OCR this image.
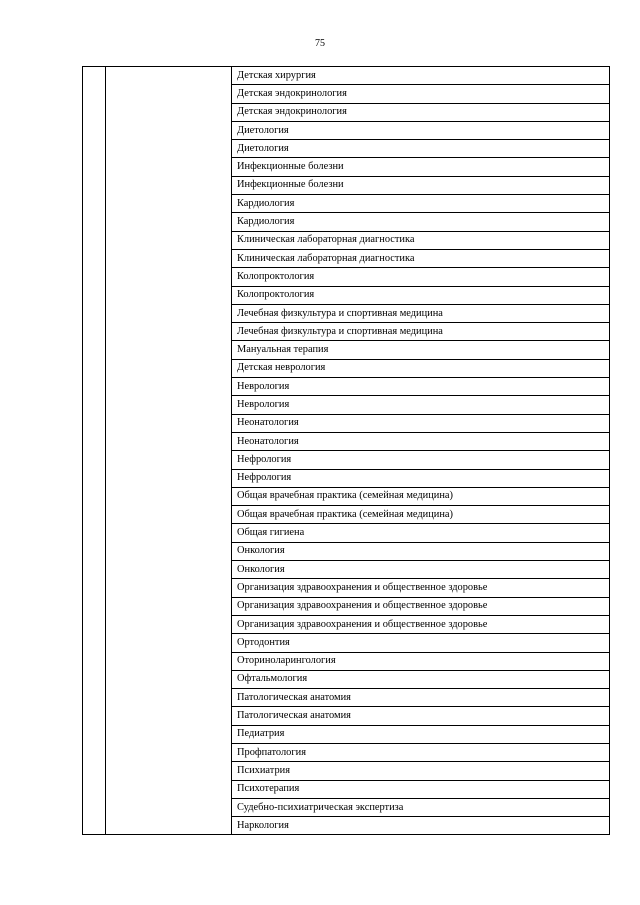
75
		Детская хирургия
Детская эндокринология
Детская эндокринология
Диетология
Диетология
Инфекционные болезни
Инфекционные болезни
Кардиология
Кардиология
Клиническая лабораторная диагностика
Клиническая лабораторная диагностика
Колопроктология
Колопроктология
Лечебная физкультура и спортивная медицина
Лечебная физкультура и спортивная медицина
Мануальная терапия
Детская неврология
Неврология
Неврология
Неонатология
Неонатология
Нефрология
Нефрология
Общая врачебная практика (семейная медицина)
Общая врачебная практика (семейная медицина)
Общая гигиена
Онкология
Онкология
Организация здравоохранения и общественное здоровье
Организация здравоохранения и общественное здоровье
Организация здравоохранения и общественное здоровье
Ортодонтия
Оториноларингология
Офтальмология
Патологическая анатомия
Патологическая анатомия
Педиатрия
Профпатология
Психиатрия
Психотерапия
Судебно-психиатрическая экспертиза
Наркология
